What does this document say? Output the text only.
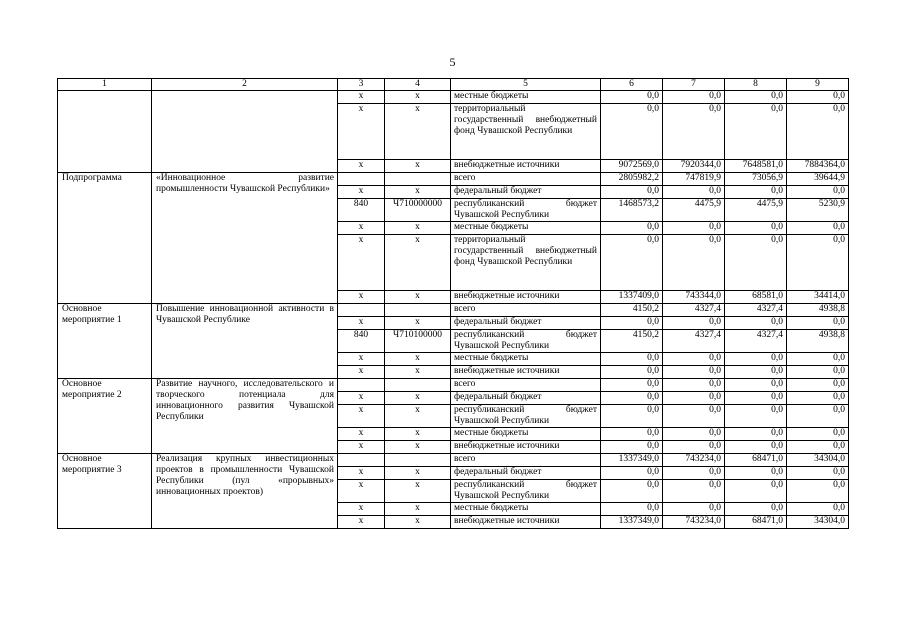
5
1	2	3	4	5	6	7	8	9
		x	x	местные бюджеты	0,0	0,0	0,0	0,0
		x	x	территориальный государственный внебюджетный фонд Чувашской Республики	0,0	0,0	0,0	0,0
		x	x	внебюджетные источники	9072569,0	7920344,0	7648581,0	7884364,0
Подпрограмма	«Инновационное развитие промышленности Чувашской Республики»			всего	2805982,2	747819,9	73056,9	39644,9
		x	x	федеральный бюджет	0,0	0,0	0,0	0,0
		840	Ч710000000	республиканский бюджет Чувашской Республики	1468573,2	4475,9	4475,9	5230,9
		x	x	местные бюджеты	0,0	0,0	0,0	0,0
		x	x	территориальный государственный внебюджетный фонд Чувашской Республики	0,0	0,0	0,0	0,0
		x	x	внебюджетные источники	1337409,0	743344,0	68581,0	34414,0
Основное мероприятие 1	Повышение инновационной активности в Чувашской Республике			всего	4150,2	4327,4	4327,4	4938,8
		x	x	федеральный бюджет	0,0	0,0	0,0	0,0
		840	Ч710100000	республиканский бюджет Чувашской Республики	4150,2	4327,4	4327,4	4938,8
		x	x	местные бюджеты	0,0	0,0	0,0	0,0
		x	x	внебюджетные источники	0,0	0,0	0,0	0,0
Основное мероприятие 2	Развитие научного, исследовательского и творческого потенциала для инновационного развития Чувашской Республики			всего	0,0	0,0	0,0	0,0
		x	x	федеральный бюджет	0,0	0,0	0,0	0,0
		x	x	республиканский бюджет Чувашской Республики	0,0	0,0	0,0	0,0
		x	x	местные бюджеты	0,0	0,0	0,0	0,0
		x	x	внебюджетные источники	0,0	0,0	0,0	0,0
Основное мероприятие 3	Реализация крупных инвестиционных проектов в промышленности Чувашской Республики (пул «прорывных» инновационных проектов)			всего	1337349,0	743234,0	68471,0	34304,0
		x	x	федеральный бюджет	0,0	0,0	0,0	0,0
		x	x	республиканский бюджет Чувашской Республики	0,0	0,0	0,0	0,0
		x	x	местные бюджеты	0,0	0,0	0,0	0,0
		x	x	внебюджетные источники	1337349,0	743234,0	68471,0	34304,0
